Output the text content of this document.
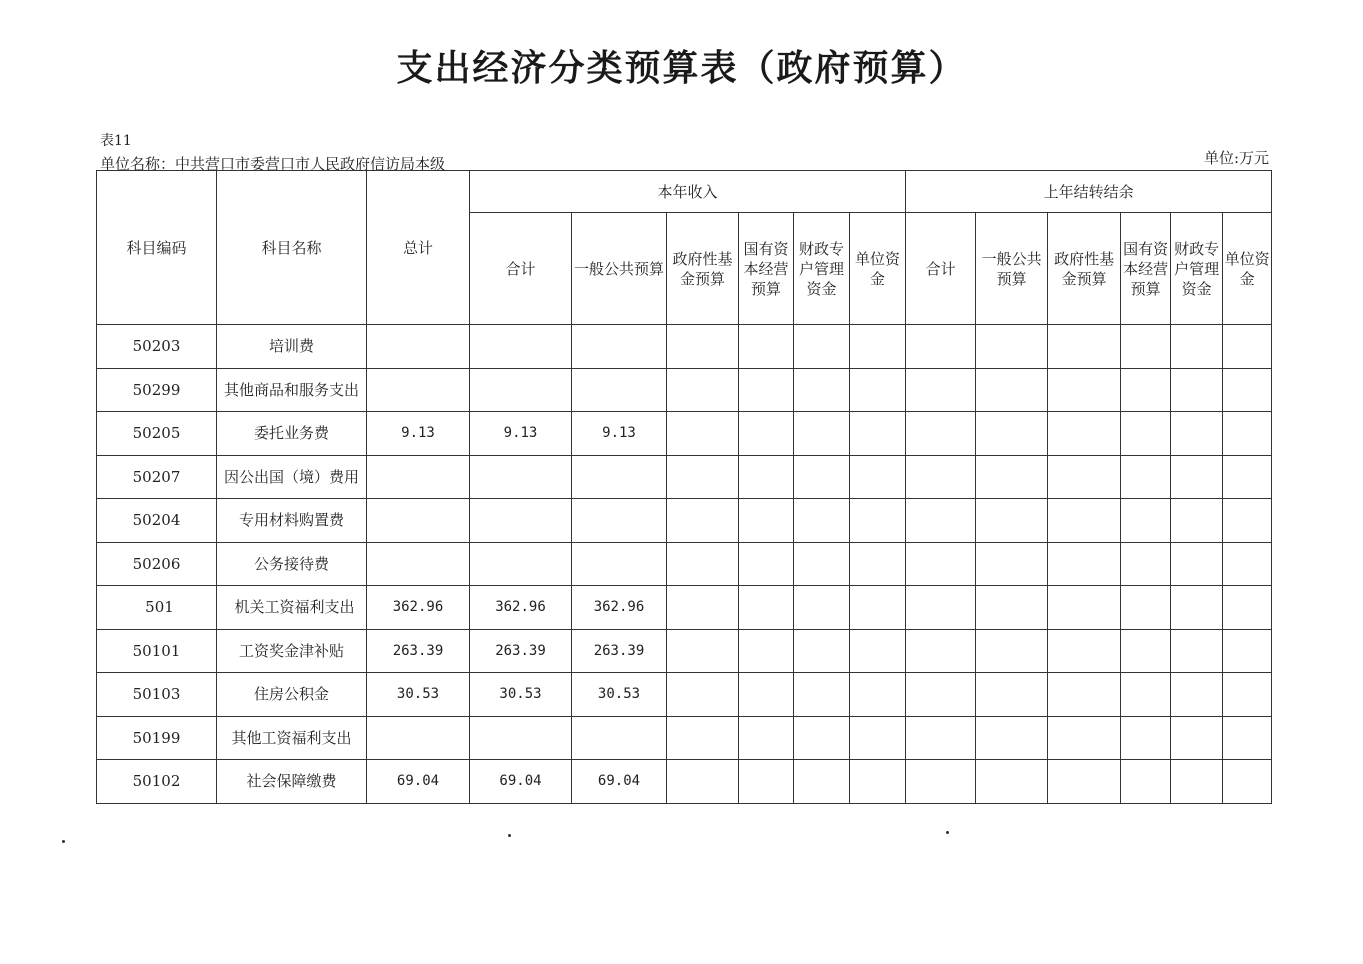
支出经济分类预算表（政府预算）
表11
单位名称：中共营口市委营口市人民政府信访局本级	单位:万元
科目编码	科目名称	总计	本年收入						上年结转结余					
			合计	一般公共预算	政府性基金预算	国有资本经营预算	财政专户管理资金	单位资金	合计	一般公共预算	政府性基金预算	国有资本经营预算	财政专户管理资金	单位资金
50203	培训费													
50299	其他商品和服务支出													
50205	委托业务费	9.13	9.13	9.13										
50207	因公出国（境）费用													
50204	专用材料购置费													
50206	公务接待费													
501	机关工资福利支出	362.96	362.96	362.96										
50101	工资奖金津补贴	263.39	263.39	263.39										
50103	住房公积金	30.53	30.53	30.53										
50199	其他工资福利支出													
50102	社会保障缴费	69.04	69.04	69.04										
